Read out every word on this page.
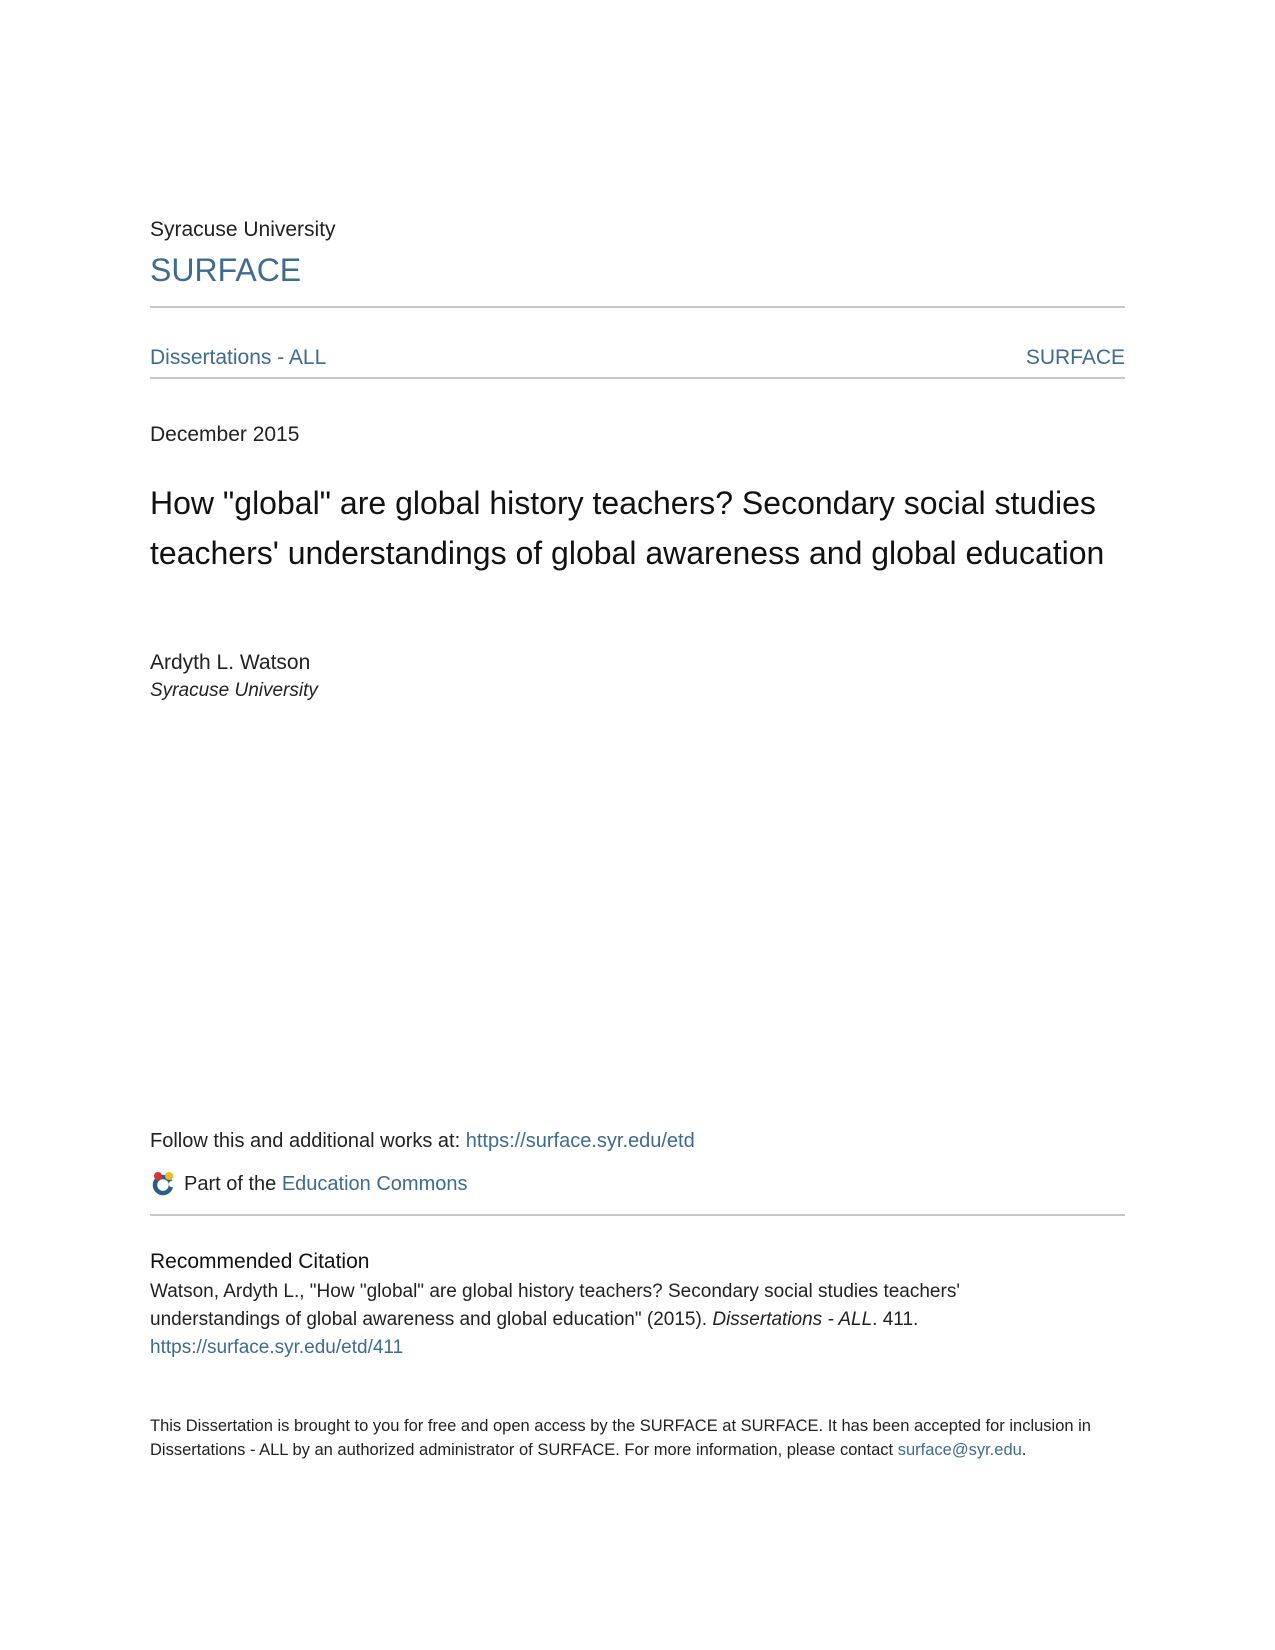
Syracuse University
SURFACE
Dissertations - ALL	SURFACE
December 2015
How "global" are global history teachers? Secondary social studies teachers' understandings of global awareness and global education
Ardyth L. Watson
Syracuse University
Follow this and additional works at: https://surface.syr.edu/etd
Part of the
Education Commons
Recommended Citation
Watson, Ardyth L., "How "global" are global history teachers? Secondary social studies teachers' understandings of global awareness and global education" (2015). Dissertations - ALL. 411.
https://surface.syr.edu/etd/411
This Dissertation is brought to you for free and open access by the SURFACE at SURFACE. It has been accepted for inclusion in Dissertations - ALL by an authorized administrator of SURFACE. For more information, please contact surface@syr.edu.
